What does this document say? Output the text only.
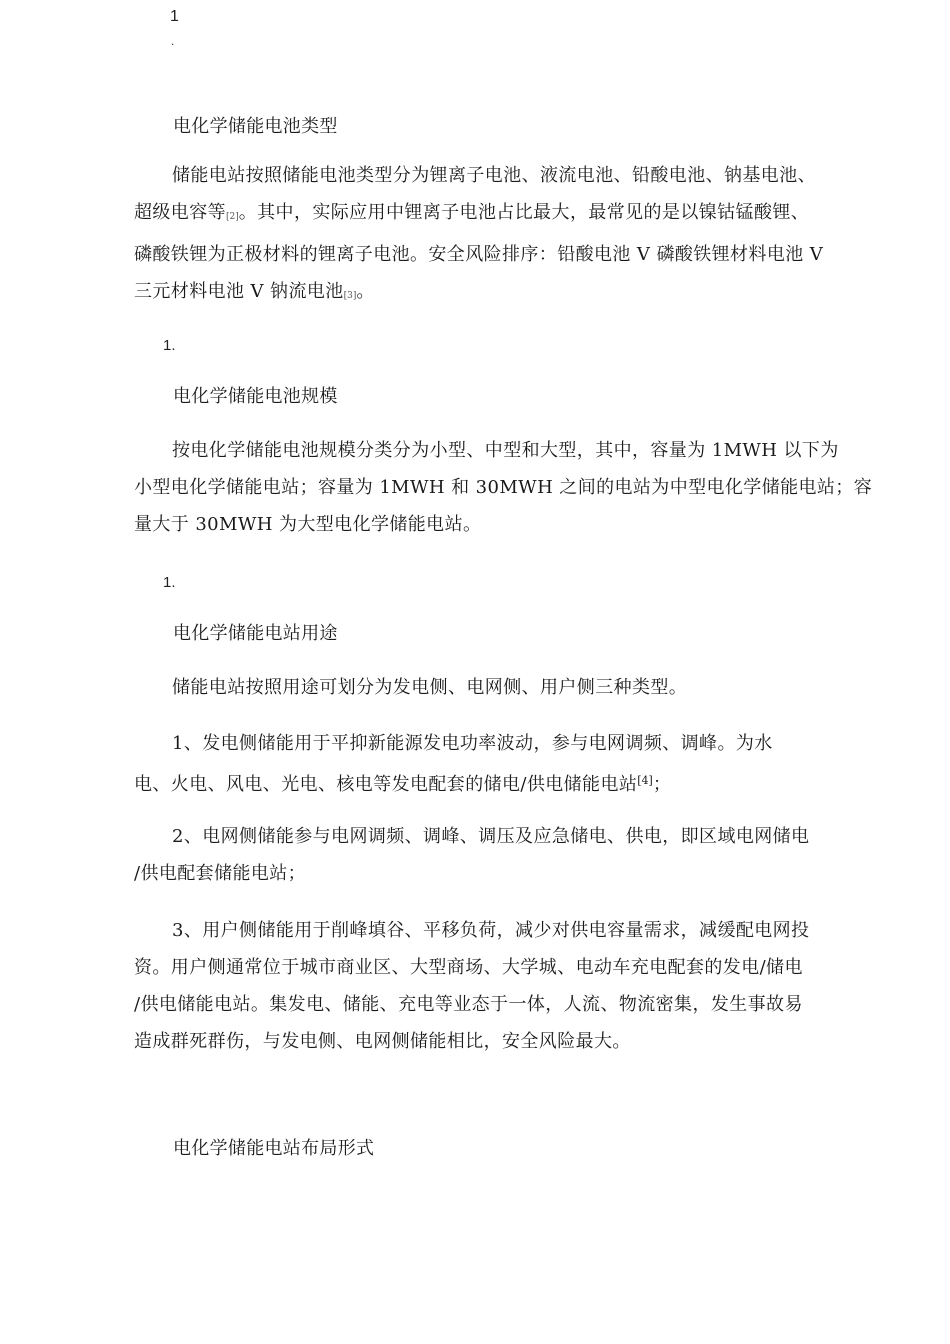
1
.
电化学储能电池类型
储能电站按照储能电池类型分为锂离子电池、液流电池、铅酸电池、钠基电池、
超级电容等[2]。其中，实际应用中锂离子电池占比最大，最常见的是以镍钴锰酸锂、
磷酸铁锂为正极材料的锂离子电池。安全风险排序：铅酸电池 V 磷酸铁锂材料电池 V
三元材料电池 V 钠流电池[3]。
1.
电化学储能电池规模
按电化学储能电池规模分类分为小型、中型和大型，其中，容量为 1MWH 以下为
小型电化学储能电站；容量为 1MWH 和 30MWH 之间的电站为中型电化学储能电站；容
量大于 30MWH 为大型电化学储能电站。
1.
电化学储能电站用途
储能电站按照用途可划分为发电侧、电网侧、用户侧三种类型。
1、发电侧储能用于平抑新能源发电功率波动，参与电网调频、调峰。为水
电、火电、风电、光电、核电等发电配套的储电/供电储能电站[4]；
2、电网侧储能参与电网调频、调峰、调压及应急储电、供电，即区域电网储电
/供电配套储能电站；
3、用户侧储能用于削峰填谷、平移负荷，减少对供电容量需求，减缓配电网投
资。用户侧通常位于城市商业区、大型商场、大学城、电动车充电配套的发电/储电
/供电储能电站。集发电、储能、充电等业态于一体，人流、物流密集，发生事故易
造成群死群伤，与发电侧、电网侧储能相比，安全风险最大。
电化学储能电站布局形式
